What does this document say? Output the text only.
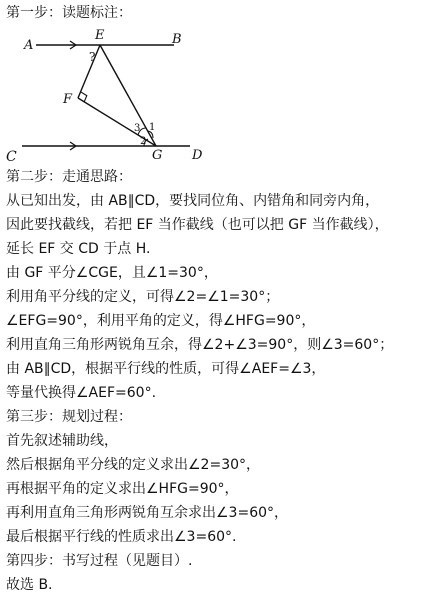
第一步：读题标注：
A
E	B
F
G D
?
3 1
2
C
第二步：走通思路：
从已知出发，由 AB∥CD，要找同位角、内错角和同旁内角，
因此要找截线，若把 EF 当作截线（也可以把 GF 当作截线），
延长 EF 交 CD 于点 H.
由 GF 平分∠CGE，且∠1=30°，
利用角平分线的定义，可得∠2=∠1=30°；
∠EFG=90°，利用平角的定义，得∠HFG=90°，
利用直角三角形两锐角互余，得∠2+∠3=90°，则∠3=60°；
由 AB∥CD，根据平行线的性质，可得∠AEF=∠3，
等量代换得∠AEF=60°.
第三步：规划过程：
首先叙述辅助线，
然后根据角平分线的定义求出∠2=30°，
再根据平角的定义求出∠HFG=90°，
再利用直角三角形两锐角互余求出∠3=60°，
最后根据平行线的性质求出∠3=60°.
第四步：书写过程（见题目）.
故选 B.
